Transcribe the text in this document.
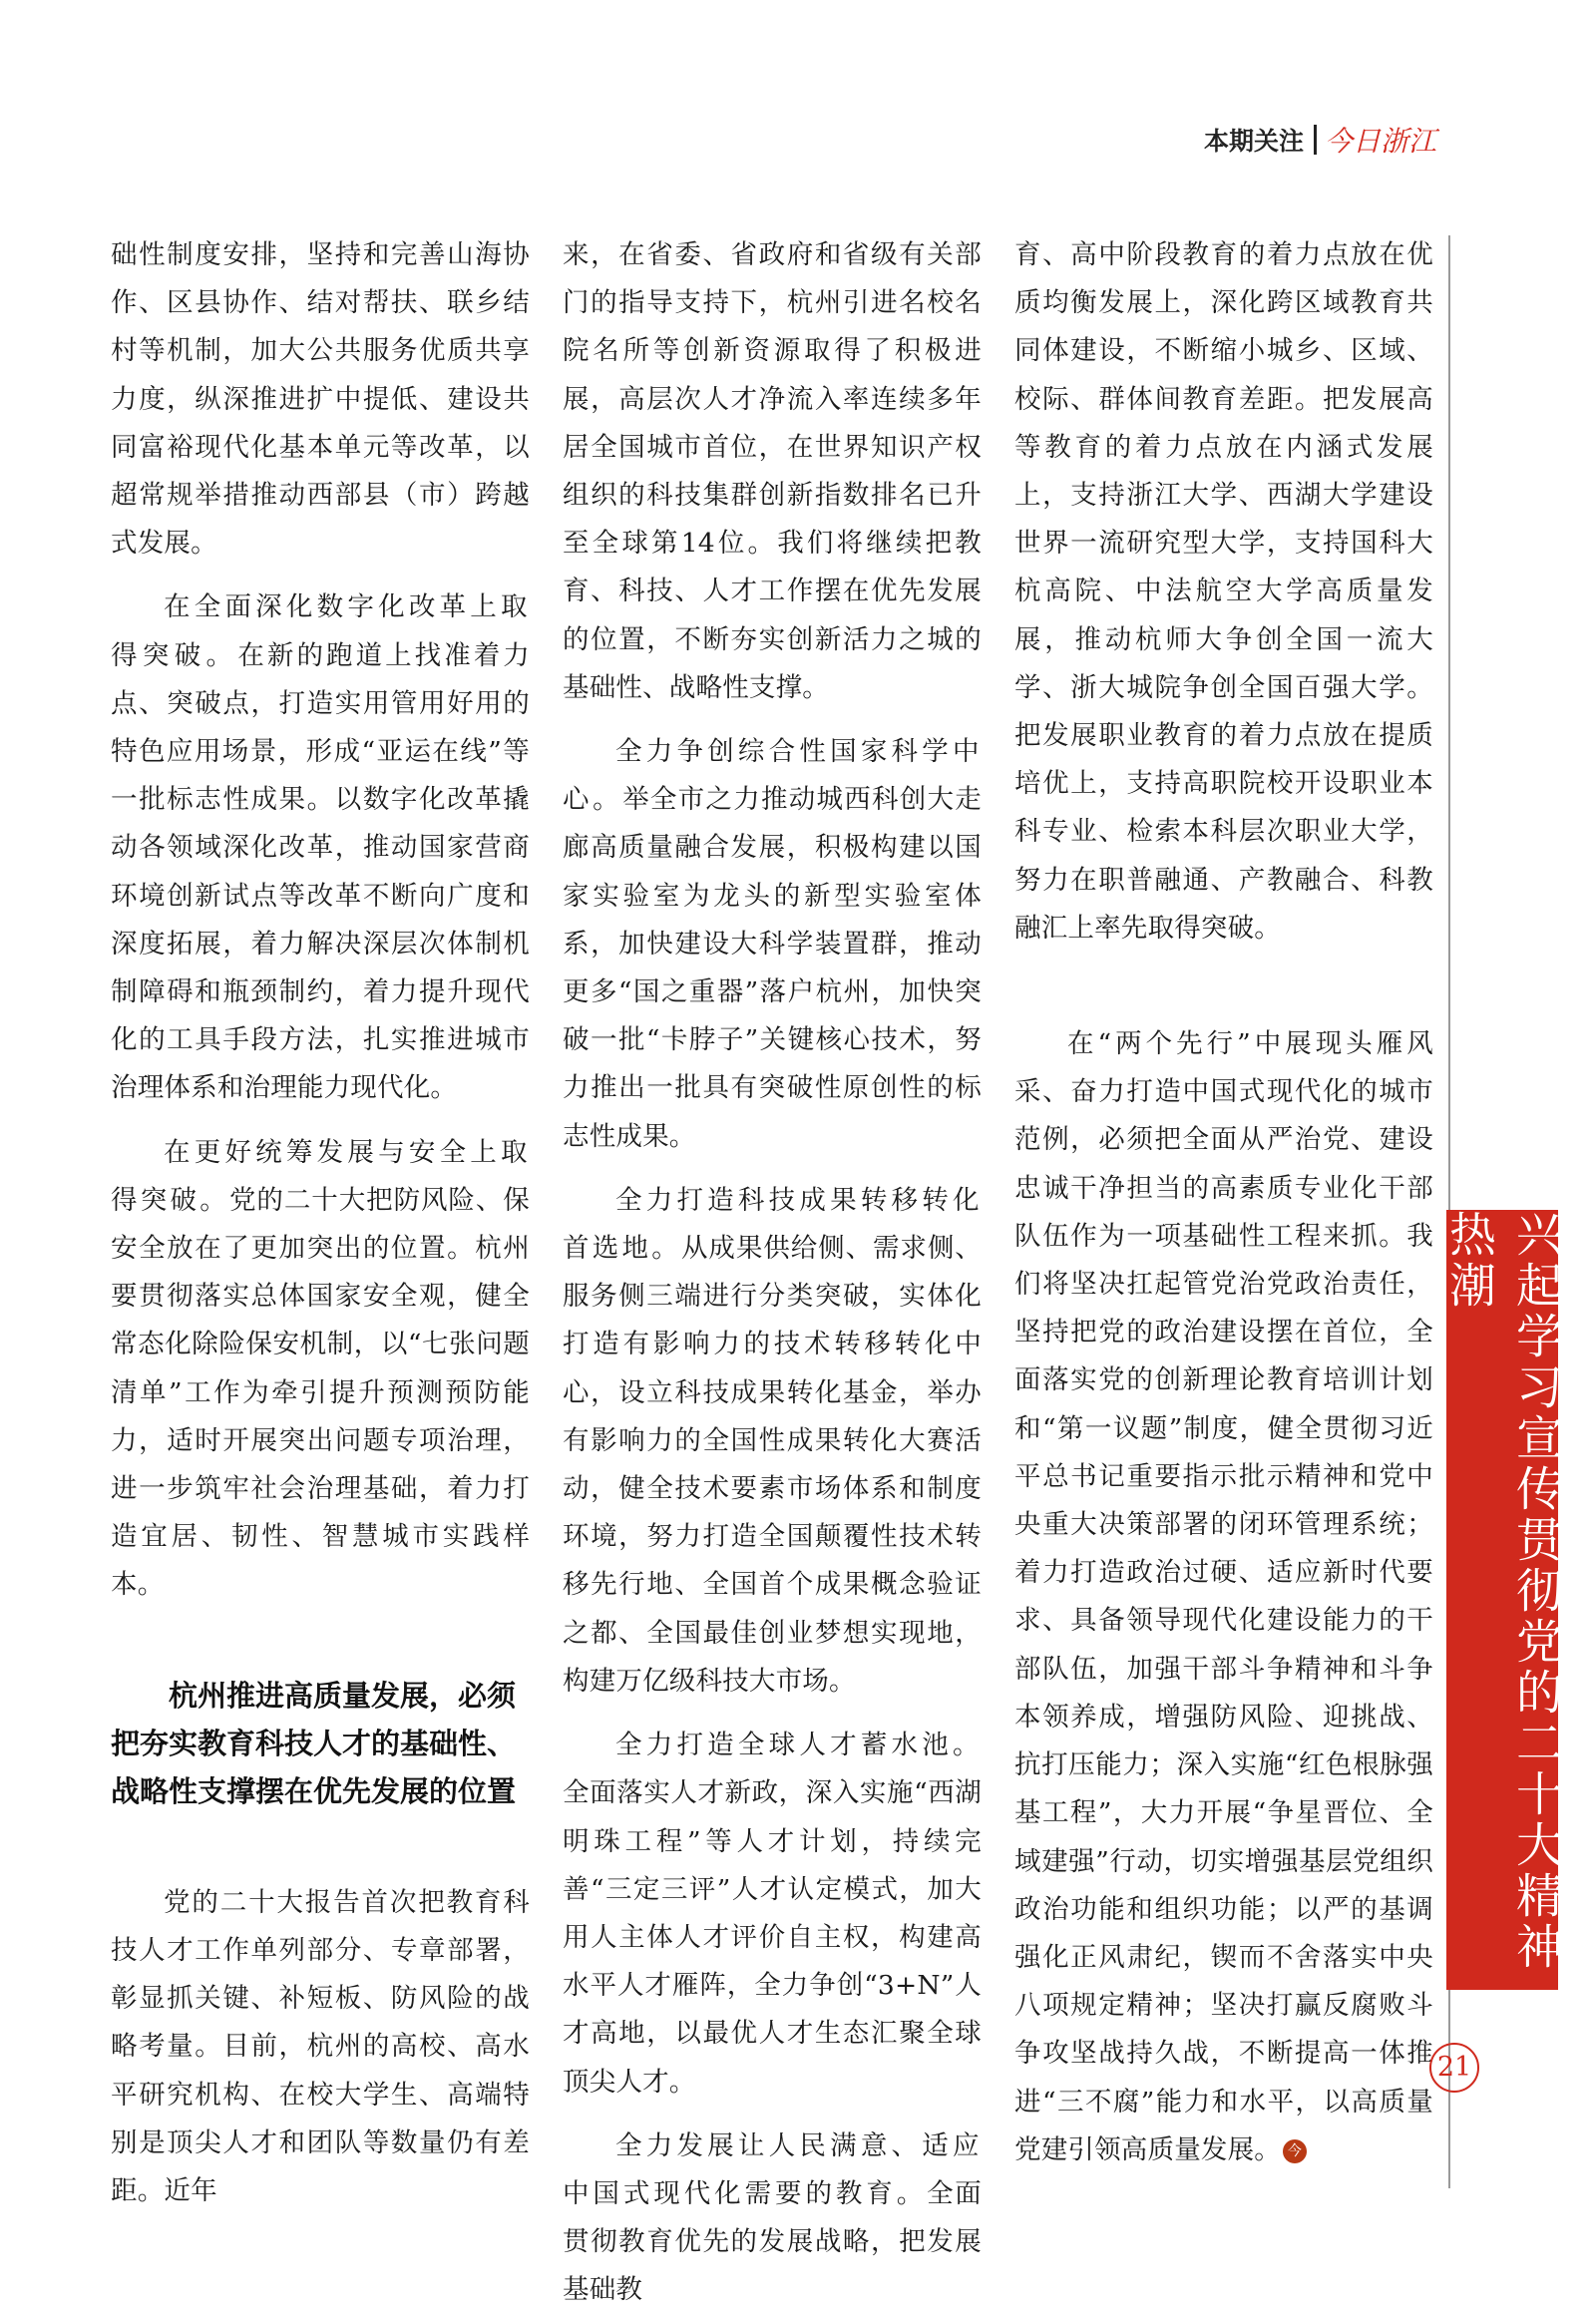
本期关注 今日浙江

础性制度安排，坚持和完善山海协作、区县协作、结对帮扶、联乡结村等机制，加大公共服务优质共享力度，纵深推进扩中提低、建设共同富裕现代化基本单元等改革，以超常规举措推动西部县（市）跨越式发展。

在全面深化数字化改革上取得突破。在新的跑道上找准着力点、突破点，打造实用管用好用的特色应用场景，形成“亚运在线”等一批标志性成果。以数字化改革撬动各领域深化改革，推动国家营商环境创新试点等改革不断向广度和深度拓展，着力解决深层次体制机制障碍和瓶颈制约，着力提升现代化的工具手段方法，扎实推进城市治理体系和治理能力现代化。

在更好统筹发展与安全上取得突破。党的二十大把防风险、保安全放在了更加突出的位置。杭州要贯彻落实总体国家安全观，健全常态化除险保安机制，以“七张问题清单”工作为牵引提升预测预防能力，适时开展突出问题专项治理，进一步筑牢社会治理基础，着力打造宜居、韧性、智慧城市实践样本。

杭州推进高质量发展，必须
把夯实教育科技人才的基础性、
战略性支撑摆在优先发展的位置

党的二十大报告首次把教育科技人才工作单列部分、专章部署，彰显抓关键、补短板、防风险的战略考量。目前，杭州的高校、高水平研究机构、在校大学生、高端特别是顶尖人才和团队等数量仍有差距。近年

来，在省委、省政府和省级有关部门的指导支持下，杭州引进名校名院名所等创新资源取得了积极进展，高层次人才净流入率连续多年居全国城市首位，在世界知识产权组织的科技集群创新指数排名已升至全球第14位。我们将继续把教育、科技、人才工作摆在优先发展的位置，不断夯实创新活力之城的基础性、战略性支撑。

全力争创综合性国家科学中心。举全市之力推动城西科创大走廊高质量融合发展，积极构建以国家实验室为龙头的新型实验室体系，加快建设大科学装置群，推动更多“国之重器”落户杭州，加快突破一批“卡脖子”关键核心技术，努力推出一批具有突破性原创性的标志性成果。

全力打造科技成果转移转化首选地。从成果供给侧、需求侧、服务侧三端进行分类突破，实体化打造有影响力的技术转移转化中心，设立科技成果转化基金，举办有影响力的全国性成果转化大赛活动，健全技术要素市场体系和制度环境，努力打造全国颠覆性技术转移先行地、全国首个成果概念验证之都、全国最佳创业梦想实现地，构建万亿级科技大市场。

全力打造全球人才蓄水池。全面落实人才新政，深入实施“西湖明珠工程”等人才计划，持续完善“三定三评”人才认定模式，加大用人主体人才评价自主权，构建高水平人才雁阵，全力争创“3+N”人才高地，以最优人才生态汇聚全球顶尖人才。

全力发展让人民满意、适应中国式现代化需要的教育。全面贯彻教育优先的发展战略，把发展基础教

育、高中阶段教育的着力点放在优质均衡发展上，深化跨区域教育共同体建设，不断缩小城乡、区域、校际、群体间教育差距。把发展高等教育的着力点放在内涵式发展上，支持浙江大学、西湖大学建设世界一流研究型大学，支持国科大杭高院、中法航空大学高质量发展，推动杭师大争创全国一流大学、浙大城院争创全国百强大学。把发展职业教育的着力点放在提质培优上，支持高职院校开设职业本科专业、检索本科层次职业大学，努力在职普融通、产教融合、科教融汇上率先取得突破。

在“两个先行”中展现头雁风采、奋力打造中国式现代化的城市范例，必须把全面从严治党、建设忠诚干净担当的高素质专业化干部队伍作为一项基础性工程来抓。我们将坚决扛起管党治党政治责任，坚持把党的政治建设摆在首位，全面落实党的创新理论教育培训计划和“第一议题”制度，健全贯彻习近平总书记重要指示批示精神和党中央重大决策部署的闭环管理系统；着力打造政治过硬、适应新时代要求、具备领导现代化建设能力的干部队伍，加强干部斗争精神和斗争本领养成，增强防风险、迎挑战、抗打压能力；深入实施“红色根脉强基工程”，大力开展“争星晋位、全域建强”行动，切实增强基层党组织政治功能和组织功能；以严的基调强化正风肃纪，锲而不舍落实中央八项规定精神；坚决打赢反腐败斗争攻坚战持久战，不断提高一体推进“三不腐”能力和水平，以高质量党建引领高质量发展。 今

兴起学习宣传贯彻党的二十大精神热潮
21
